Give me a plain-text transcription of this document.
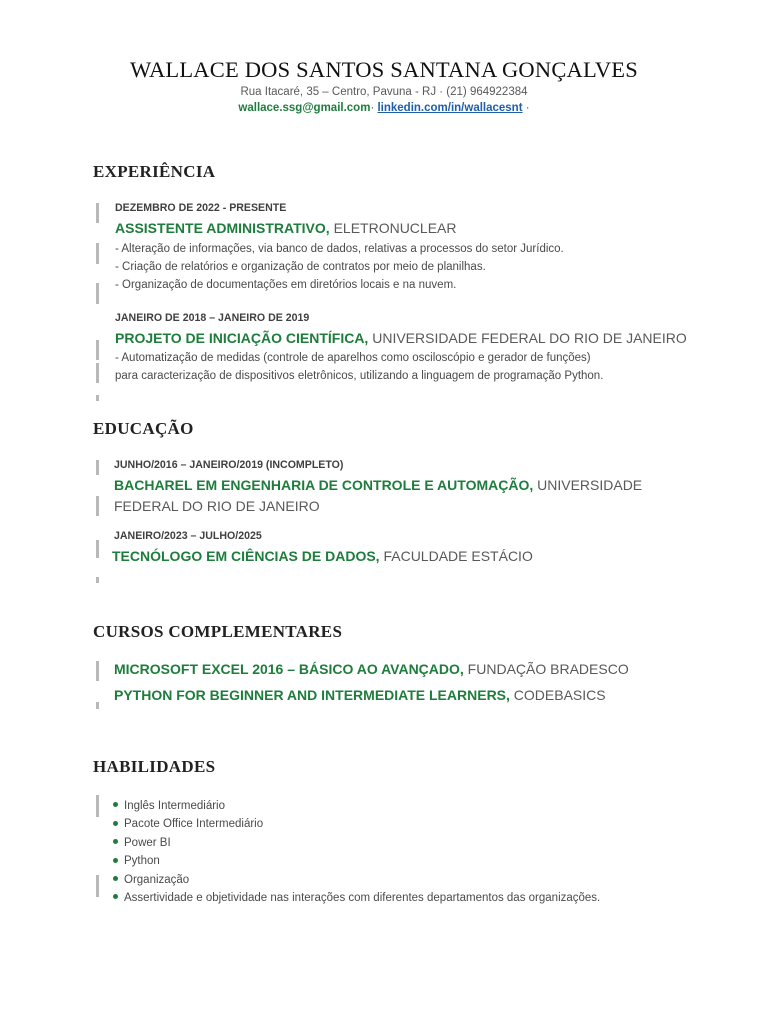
WALLACE DOS SANTOS SANTANA GONÇALVES
Rua Itacaré, 35 – Centro, Pavuna - RJ · (21) 964922384
wallace.ssg@gmail.com· linkedin.com/in/wallacesnt ·
EXPERIÊNCIA
DEZEMBRO DE 2022 - PRESENTE
ASSISTENTE ADMINISTRATIVO, ELETRONUCLEAR
- Alteração de informações, via banco de dados, relativas a processos do setor Jurídico.
- Criação de relatórios e organização de contratos por meio de planilhas.
- Organização de documentações em diretórios locais e na nuvem.
JANEIRO DE 2018 – JANEIRO DE 2019
PROJETO DE INICIAÇÃO CIENTÍFICA, UNIVERSIDADE FEDERAL DO RIO DE JANEIRO
- Automatização de medidas (controle de aparelhos como osciloscópio e gerador de funções)
para caracterização de dispositivos eletrônicos, utilizando a linguagem de programação Python.
EDUCAÇÃO
JUNHO/2016 – JANEIRO/2019 (INCOMPLETO)
BACHAREL EM ENGENHARIA DE CONTROLE E AUTOMAÇÃO, UNIVERSIDADE
FEDERAL DO RIO DE JANEIRO
JANEIRO/2023 – JULHO/2025
TECNÓLOGO EM CIÊNCIAS DE DADOS, FACULDADE ESTÁCIO
CURSOS COMPLEMENTARES
MICROSOFT EXCEL 2016 – BÁSICO AO AVANÇADO, FUNDAÇÃO BRADESCO
PYTHON FOR BEGINNER AND INTERMEDIATE LEARNERS, CODEBASICS
HABILIDADES
Inglês Intermediário
Pacote Office Intermediário
Power BI
Python
Organização
Assertividade e objetividade nas interações com diferentes departamentos das organizações.
